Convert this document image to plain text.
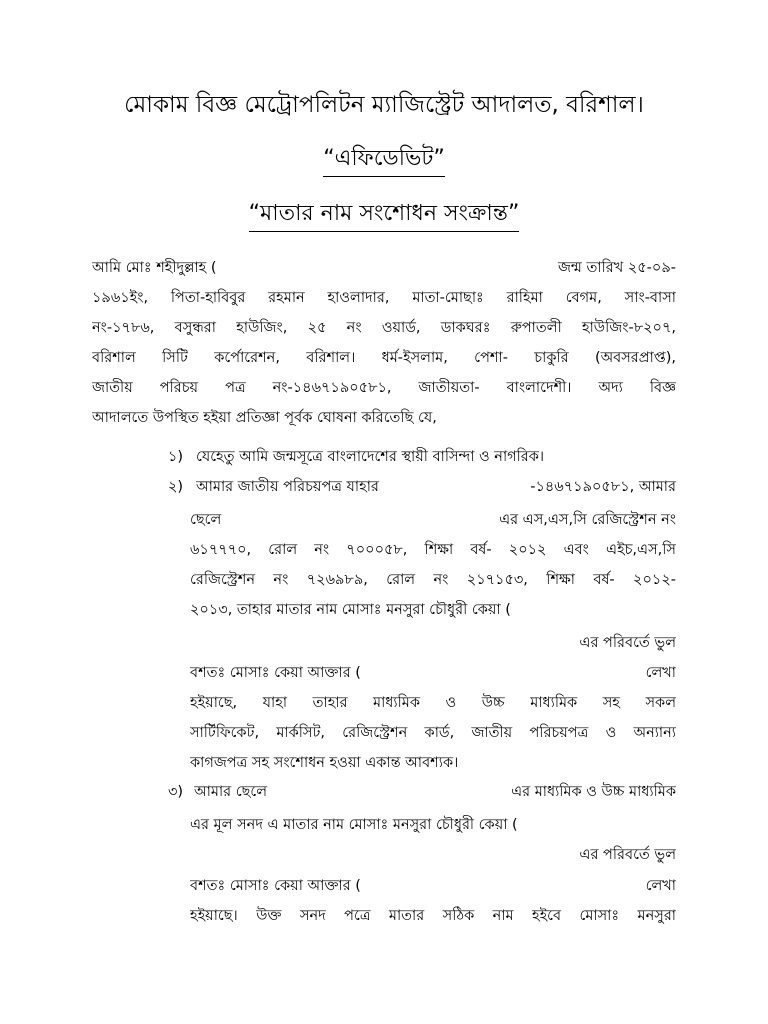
মোকাম বিজ্ঞ মেট্রোপলিটন ম্যাজিস্ট্রেট আদালত, বরিশাল।
“এফিডেভিট”
“মাতার নাম সংশোধন সংক্রান্ত”
আমি মোঃ শহীদুল্লাহ (	জন্ম তারিখ ২৫-০৯-
১৯৬১ইং, পিতা-হাবিবুর রহমান হাওলাদার, মাতা-মোছাঃ রাহিমা বেগম, সাং-বাসা
নং-১৭৮৬, বসুন্ধরা হাউজিং, ২৫ নং ওয়ার্ড, ডাকঘরঃ রুপাতলী হাউজিং-৮২০৭,
বরিশাল সিটি কর্পোরেশন, বরিশাল। ধর্ম-ইসলাম, পেশা- চাকুরি (অবসরপ্রাপ্ত),
জাতীয় পরিচয় পত্র নং-১৪৬৭১৯০৫৮১, জাতীয়তা- বাংলাদেশী। অদ্য বিজ্ঞ
আদালতে উপস্থিত হইয়া প্রতিজ্ঞা পূর্বক ঘোষনা করিতেছি যে,
১) যেহেতু আমি জন্মসূত্রে বাংলাদেশের স্থায়ী বাসিন্দা ও নাগরিক।
২) আমার জাতীয় পরিচয়পত্র যাহার	-১৪৬৭১৯০৫৮১, আমার
ছেলে	এর এস,এস,সি রেজিস্ট্রেশন নং
৬১৭৭৭০, রোল নং ৭০০০৫৮, শিক্ষা বর্ষ- ২০১২ এবং এইচ,এস,সি
রেজিস্ট্রেশন নং ৭২৬৯৮৯, রোল নং ২১৭১৫৩, শিক্ষা বর্ষ- ২০১২-
২০১৩, তাহার মাতার নাম মোসাঃ মনসুরা চৌধুরী কেয়া (
এর পরিবর্তে ভুল
বশতঃ মোসাঃ কেয়া আক্তার (	লেখা
হইয়াছে, যাহা তাহার মাধ্যমিক ও উচ্চ মাধ্যমিক সহ সকল
সার্টিফিকেট, মার্কসিট, রেজিস্ট্রেশন কার্ড, জাতীয় পরিচয়পত্র ও অন্যান্য
কাগজপত্র সহ সংশোধন হওয়া একান্ত আবশ্যক।
৩) আমার ছেলে	এর মাধ্যমিক ও উচ্চ মাধ্যমিক
এর মূল সনদ এ মাতার নাম মোসাঃ মনসুরা চৌধুরী কেয়া (
এর পরিবর্তে ভুল
বশতঃ মোসাঃ কেয়া আক্তার (	লেখা
হইয়াছে। উক্ত সনদ পত্রে মাতার সঠিক নাম হইবে মোসাঃ মনসুরা
